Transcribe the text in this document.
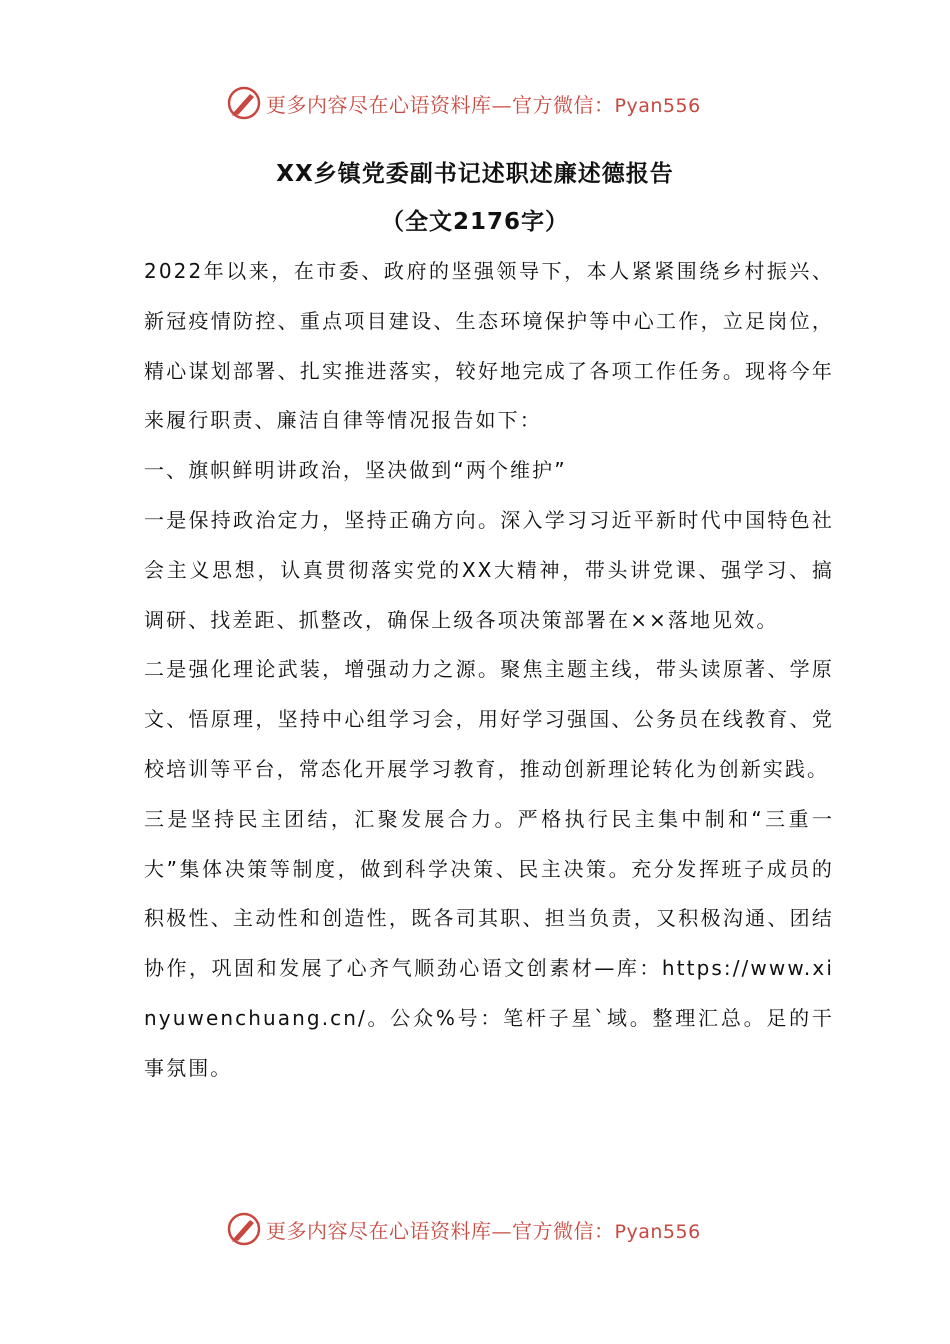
更多内容尽在心语资料库—官方微信：Pyan556
XX乡镇党委副书记述职述廉述德报告
（全文2176字）

2022年以来，在市委、政府的坚强领导下，本人紧紧围绕乡村振兴、新冠疫情防控、重点项目建设、生态环境保护等中心工作，立足岗位，精心谋划部署、扎实推进落实，较好地完成了各项工作任务。现将今年来履行职责、廉洁自律等情况报告如下：

一、旗帜鲜明讲政治，坚决做到“两个维护”

一是保持政治定力，坚持正确方向。深入学习习近平新时代中国特色社会主义思想，认真贯彻落实党的XX大精神，带头讲党课、强学习、搞调研、找差距、抓整改，确保上级各项决策部署在××落地见效。

二是强化理论武装，增强动力之源。聚焦主题主线，带头读原著、学原文、悟原理，坚持中心组学习会，用好学习强国、公务员在线教育、党校培训等平台，常态化开展学习教育，推动创新理论转化为创新实践。

三是坚持民主团结，汇聚发展合力。严格执行民主集中制和“三重一大”集体决策等制度，做到科学决策、民主决策。充分发挥班子成员的积极性、主动性和创造性，既各司其职、担当负责，又积极沟通、团结协作，巩固和发展了心齐气顺劲心语文创素材—库：https://www.xinyuwenchuang.cn/。公众%号：笔杆子星`域。整理汇总。足的干事氛围。

更多内容尽在心语资料库—官方微信：Pyan556
